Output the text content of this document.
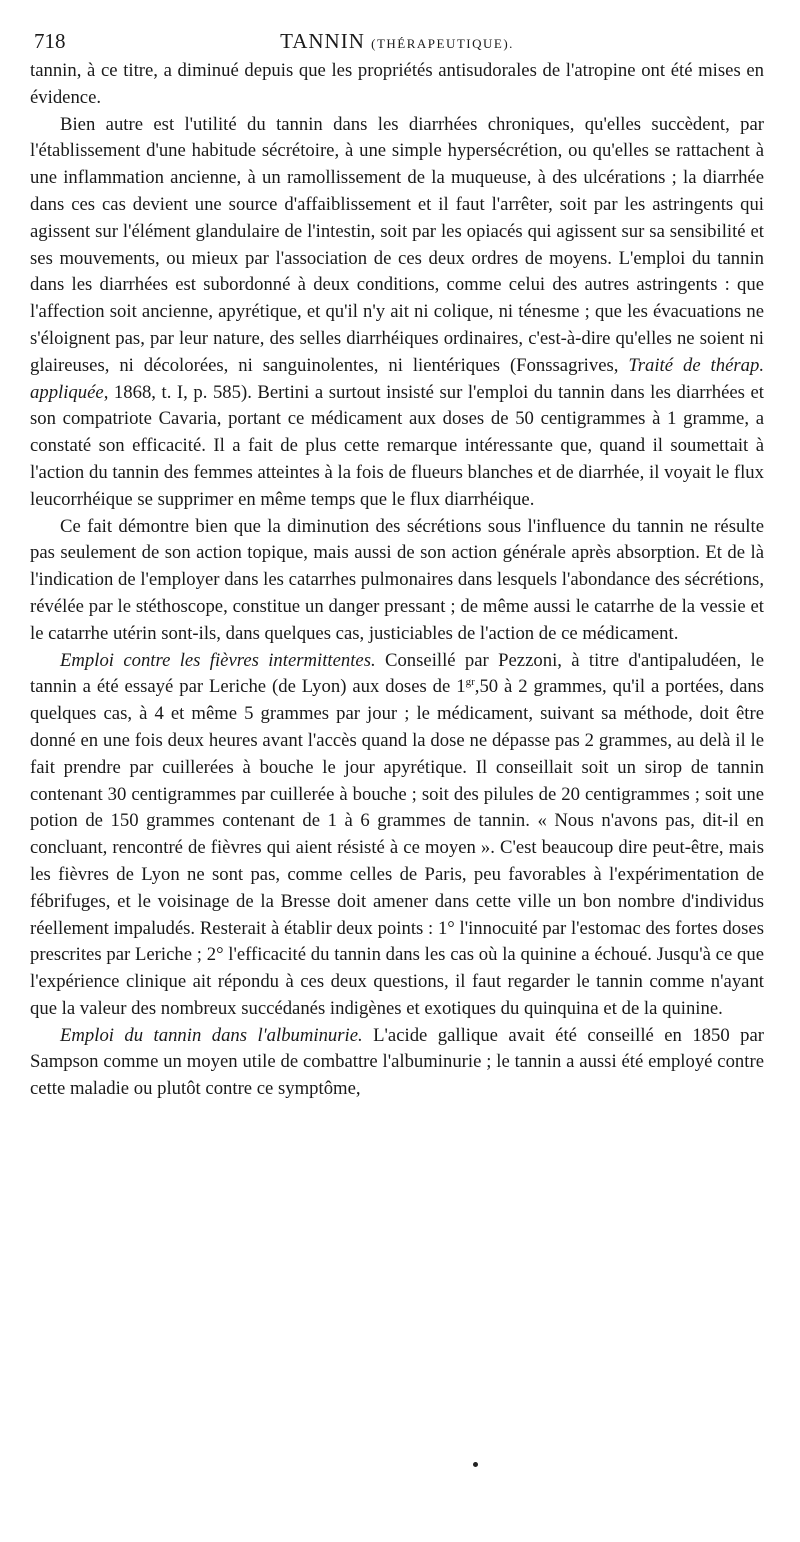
718	TANNIN (THÉRAPEUTIQUE).

tannin, à ce titre, a diminué depuis que les propriétés antisudorales de l'atropine ont été mises en évidence.

Bien autre est l'utilité du tannin dans les diarrhées chroniques, qu'elles succèdent, par l'établissement d'une habitude sécrétoire, à une simple hypersécrétion, ou qu'elles se rattachent à une inflammation ancienne, à un ramollissement de la muqueuse, à des ulcérations ; la diarrhée dans ces cas devient une source d'affaiblissement et il faut l'arrêter, soit par les astringents qui agissent sur l'élément glandulaire de l'intestin, soit par les opiacés qui agissent sur sa sensibilité et ses mouvements, ou mieux par l'association de ces deux ordres de moyens. L'emploi du tannin dans les diarrhées est subordonné à deux conditions, comme celui des autres astringents : que l'affection soit ancienne, apyrétique, et qu'il n'y ait ni colique, ni ténesme ; que les évacuations ne s'éloignent pas, par leur nature, des selles diarrhéiques ordinaires, c'est-à-dire qu'elles ne soient ni glaireuses, ni décolorées, ni sanguinolentes, ni lientériques (Fonssagrives, Traité de thérap. appliquée, 1868, t. I, p. 585). Bertini a surtout insisté sur l'emploi du tannin dans les diarrhées et son compatriote Cavaria, portant ce médicament aux doses de 50 centigrammes à 1 gramme, a constaté son efficacité. Il a fait de plus cette remarque intéressante que, quand il soumettait à l'action du tannin des femmes atteintes à la fois de flueurs blanches et de diarrhée, il voyait le flux leucorrhéique se supprimer en même temps que le flux diarrhéique.

Ce fait démontre bien que la diminution des sécrétions sous l'influence du tannin ne résulte pas seulement de son action topique, mais aussi de son action générale après absorption. Et de là l'indication de l'employer dans les catarrhes pulmonaires dans lesquels l'abondance des sécrétions, révélée par le stéthoscope, constitue un danger pressant ; de même aussi le catarrhe de la vessie et le catarrhe utérin sont-ils, dans quelques cas, justiciables de l'action de ce médicament.

Emploi contre les fièvres intermittentes. Conseillé par Pezzoni, à titre d'antipaludéen, le tannin a été essayé par Leriche (de Lyon) aux doses de $1^{gr},50$ à 2 grammes, qu'il a portées, dans quelques cas, à 4 et même 5 grammes par jour ; le médicament, suivant sa méthode, doit être donné en une fois deux heures avant l'accès quand la dose ne dépasse pas 2 grammes, au delà il le fait prendre par cuillerées à bouche le jour apyrétique. Il conseillait soit un sirop de tannin contenant 30 centigrammes par cuillerée à bouche ; soit des pilules de 20 centigrammes ; soit une potion de 150 grammes contenant de 1 à 6 grammes de tannin. « Nous n'avons pas, dit-il en concluant, rencontré de fièvres qui aient résisté à ce moyen ». C'est beaucoup dire peut-être, mais les fièvres de Lyon ne sont pas, comme celles de Paris, peu favorables à l'expérimentation de fébrifuges, et le voisinage de la Bresse doit amener dans cette ville un bon nombre d'individus réellement impaludés. Resterait à établir deux points : 1° l'innocuité par l'estomac des fortes doses prescrites par Leriche ; 2° l'efficacité du tannin dans les cas où la quinine a échoué. Jusqu'à ce que l'expérience clinique ait répondu à ces deux questions, il faut regarder le tannin comme n'ayant que la valeur des nombreux succédanés indigènes et exotiques du quinquina et de la quinine.

Emploi du tannin dans l'albuminurie. L'acide gallique avait été conseillé en 1850 par Sampson comme un moyen utile de combattre l'albuminurie ; le tannin a aussi été employé contre cette maladie ou plutôt contre ce symptôme,
